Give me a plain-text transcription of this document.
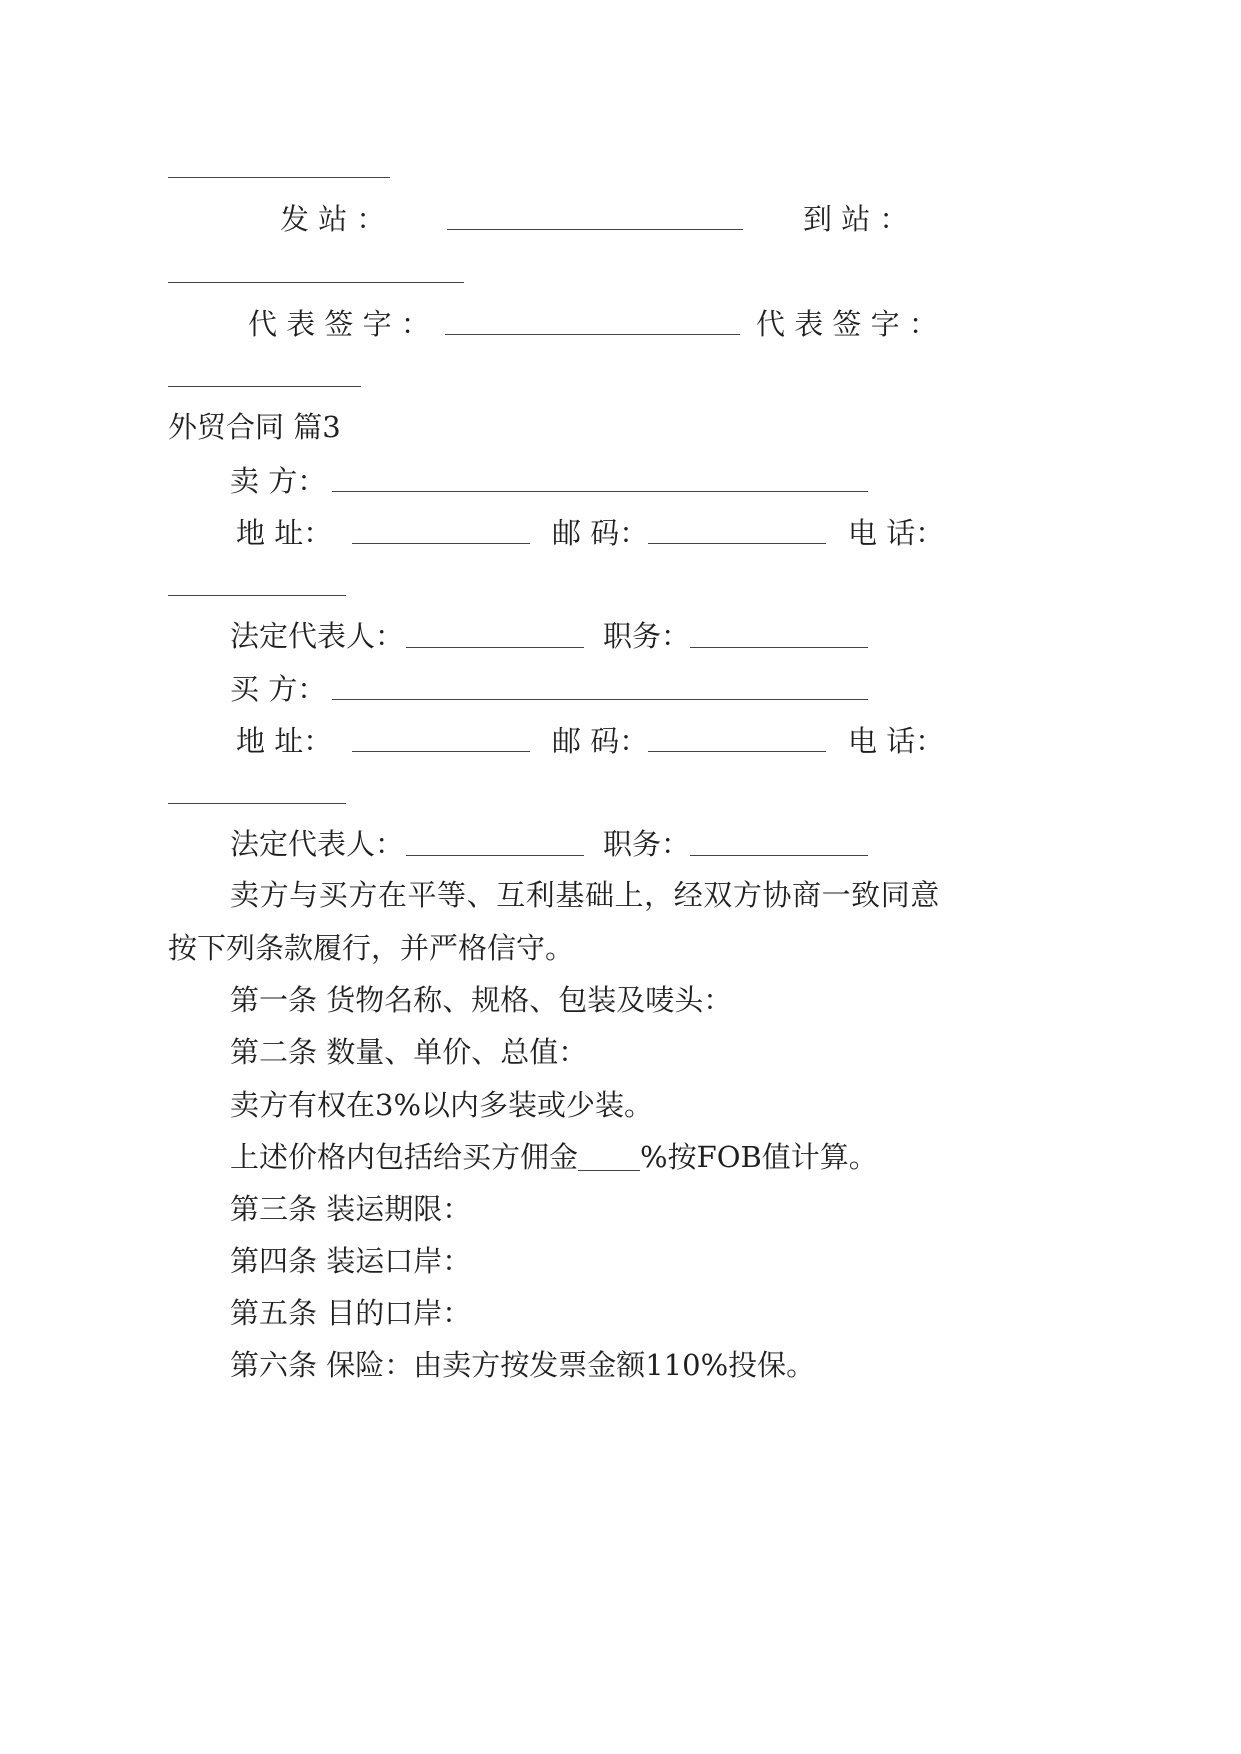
发 站 ：	到 站 ：
代 表 签 字 ：	代 表 签 字 ：
外贸合同 篇3
卖 方：
地 址：	邮 码：	电 话：
法定代表人：	职务：
买 方：
地 址：	邮 码：	电 话：
法定代表人：	职务：
卖方与买方在平等、互利基础上，经双方协商一致同意
按下列条款履行，并严格信守。
第一条 货物名称、规格、包装及唛头：
第二条 数量、单价、总值：
卖方有权在3%以内多装或少装。
上述价格内包括给买方佣金 %按FOB值计算。
第三条 装运期限：
第四条 装运口岸：
第五条 目的口岸：
第六条 保险：由卖方按发票金额110%投保。
